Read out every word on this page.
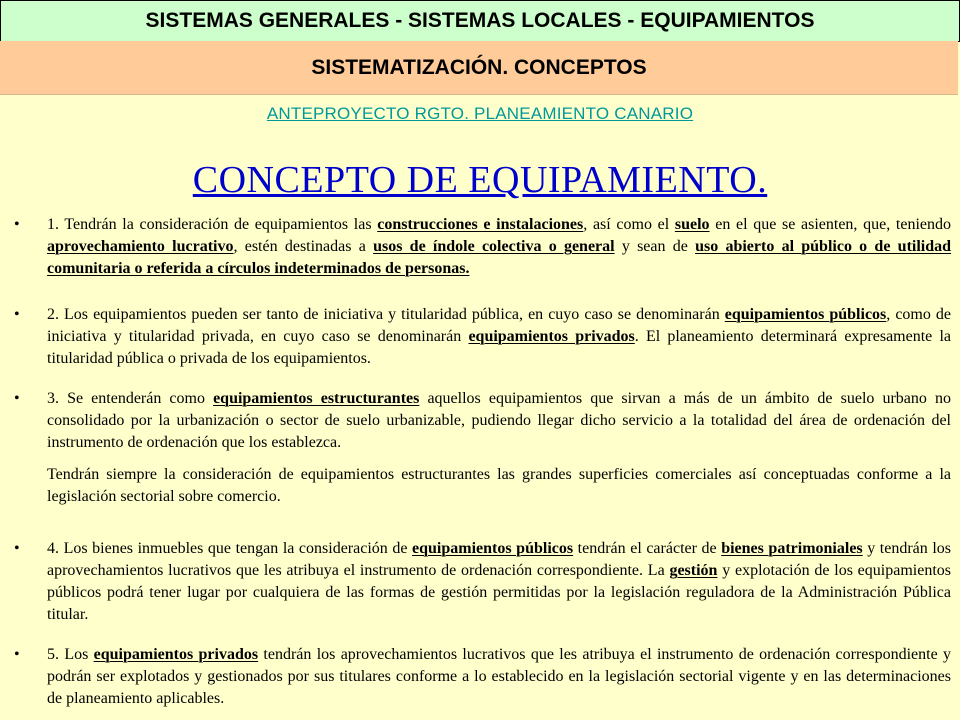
SISTEMAS GENERALES - SISTEMAS LOCALES - EQUIPAMIENTOS
SISTEMATIZACIÓN. CONCEPTOS
ANTEPROYECTO RGTO. PLANEAMIENTO CANARIO
CONCEPTO DE EQUIPAMIENTO.
• 1. Tendrán la consideración de equipamientos las construcciones e instalaciones, así como el suelo en el que se asienten, que, teniendo aprovechamiento lucrativo, estén destinadas a usos de índole colectiva o general y sean de uso abierto al público o de utilidad comunitaria o referida a círculos indeterminados de personas.
• 2. Los equipamientos pueden ser tanto de iniciativa y titularidad pública, en cuyo caso se denominarán equipamientos públicos, como de iniciativa y titularidad privada, en cuyo caso se denominarán equipamientos privados. El planeamiento determinará expresamente la titularidad pública o privada de los equipamientos.
• 3. Se entenderán como equipamientos estructurantes aquellos equipamientos que sirvan a más de un ámbito de suelo urbano no consolidado por la urbanización o sector de suelo urbanizable, pudiendo llegar dicho servicio a la totalidad del área de ordenación del instrumento de ordenación que los establezca.
Tendrán siempre la consideración de equipamientos estructurantes las grandes superficies comerciales así conceptuadas conforme a la legislación sectorial sobre comercio.
• 4. Los bienes inmuebles que tengan la consideración de equipamientos públicos tendrán el carácter de bienes patrimoniales y tendrán los aprovechamientos lucrativos que les atribuya el instrumento de ordenación correspondiente. La gestión y explotación de los equipamientos públicos podrá tener lugar por cualquiera de las formas de gestión permitidas por la legislación reguladora de la Administración Pública titular.
• 5. Los equipamientos privados tendrán los aprovechamientos lucrativos que les atribuya el instrumento de ordenación correspondiente y podrán ser explotados y gestionados por sus titulares conforme a lo establecido en la legislación sectorial vigente y en las determinaciones de planeamiento aplicables.
